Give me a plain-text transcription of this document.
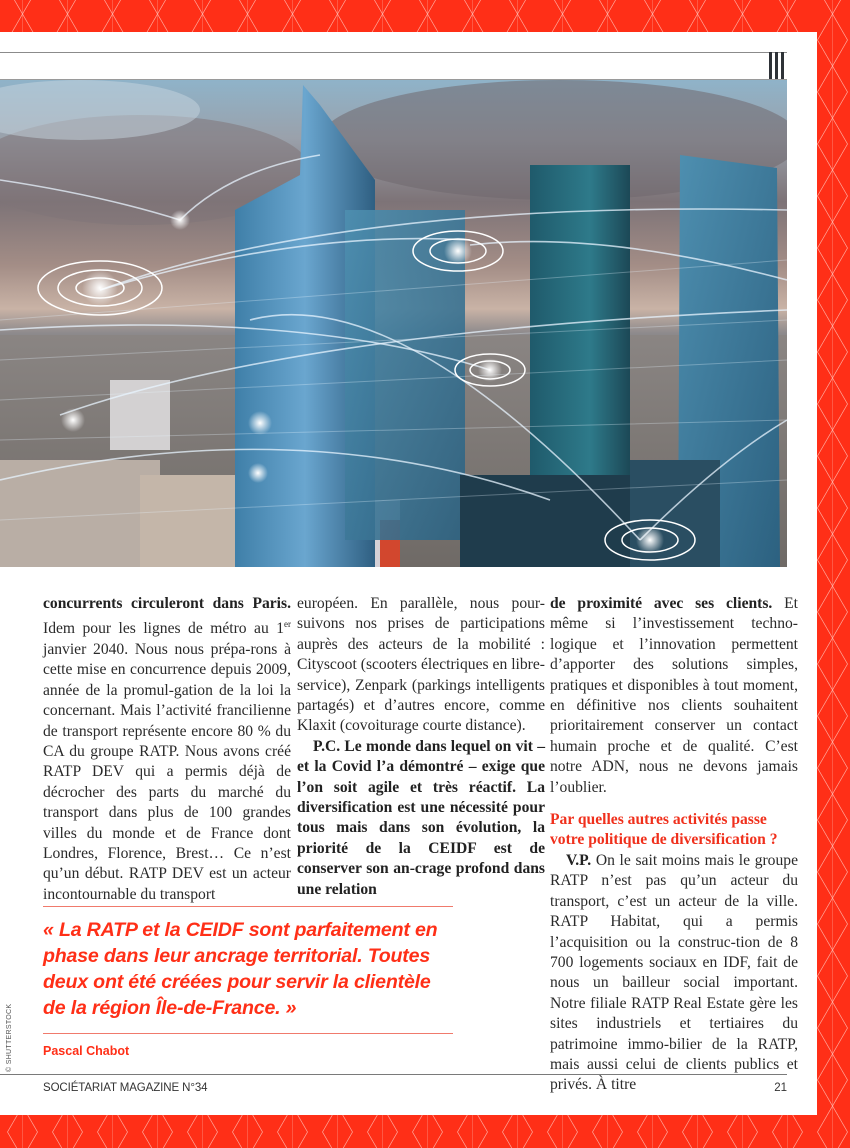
concurrents circuleront dans Paris. Idem pour les lignes de métro au 1er janvier 2040. Nous nous prépa-rons à cette mise en concurrence depuis 2009, année de la promul-gation de la loi la concernant. Mais l’activité francilienne de transport représente encore 80 % du CA du groupe RATP. Nous avons créé RATP DEV qui a permis déjà de décrocher des parts du marché du transport dans plus de 100 grandes villes du monde et de France dont Londres, Florence, Brest… Ce n’est qu’un début. RATP DEV est un acteur incontournable du transport

européen. En parallèle, nous pour-suivons nos prises de participations auprès des acteurs de la mobilité : Cityscoot (scooters électriques en libre-service), Zenpark (parkings intelligents partagés) et d’autres encore, comme Klaxit (covoiturage courte distance).

P.C. Le monde dans lequel on vit – et la Covid l’a démontré – exige que l’on soit agile et très réactif. La diversification est une nécessité pour tous mais dans son évolution, la priorité de la CEIDF est de conserver son an-crage profond dans une relation

de proximité avec ses clients. Et même si l’investissement techno-logique et l’innovation permettent d’apporter des solutions simples, pratiques et disponibles à tout moment, en définitive nos clients souhaitent prioritairement conserver un contact humain proche et de qualité. C’est notre ADN, nous ne devons jamais l’oublier.

Par quelles autres activités passe votre politique de diversification ?

V.P. On le sait moins mais le groupe RATP n’est pas qu’un acteur du transport, c’est un acteur de la ville. RATP Habitat, qui a permis l’acquisition ou la construc-tion de 8 700 logements sociaux en IDF, fait de nous un bailleur social important. Notre filiale RATP Real Estate gère les sites industriels et tertiaires du patrimoine immo-bilier de la RATP, mais aussi celui de clients publics et privés. À titre

« La RATP et la CEIDF sont parfaitement en phase dans leur ancrage territorial. Toutes deux ont été créées pour servir la clientèle de la région Île-de-France. »
Pascal Chabot
© SHUTTERSTOCK
SOCIÉTARIAT MAGAZINE N°34	21
